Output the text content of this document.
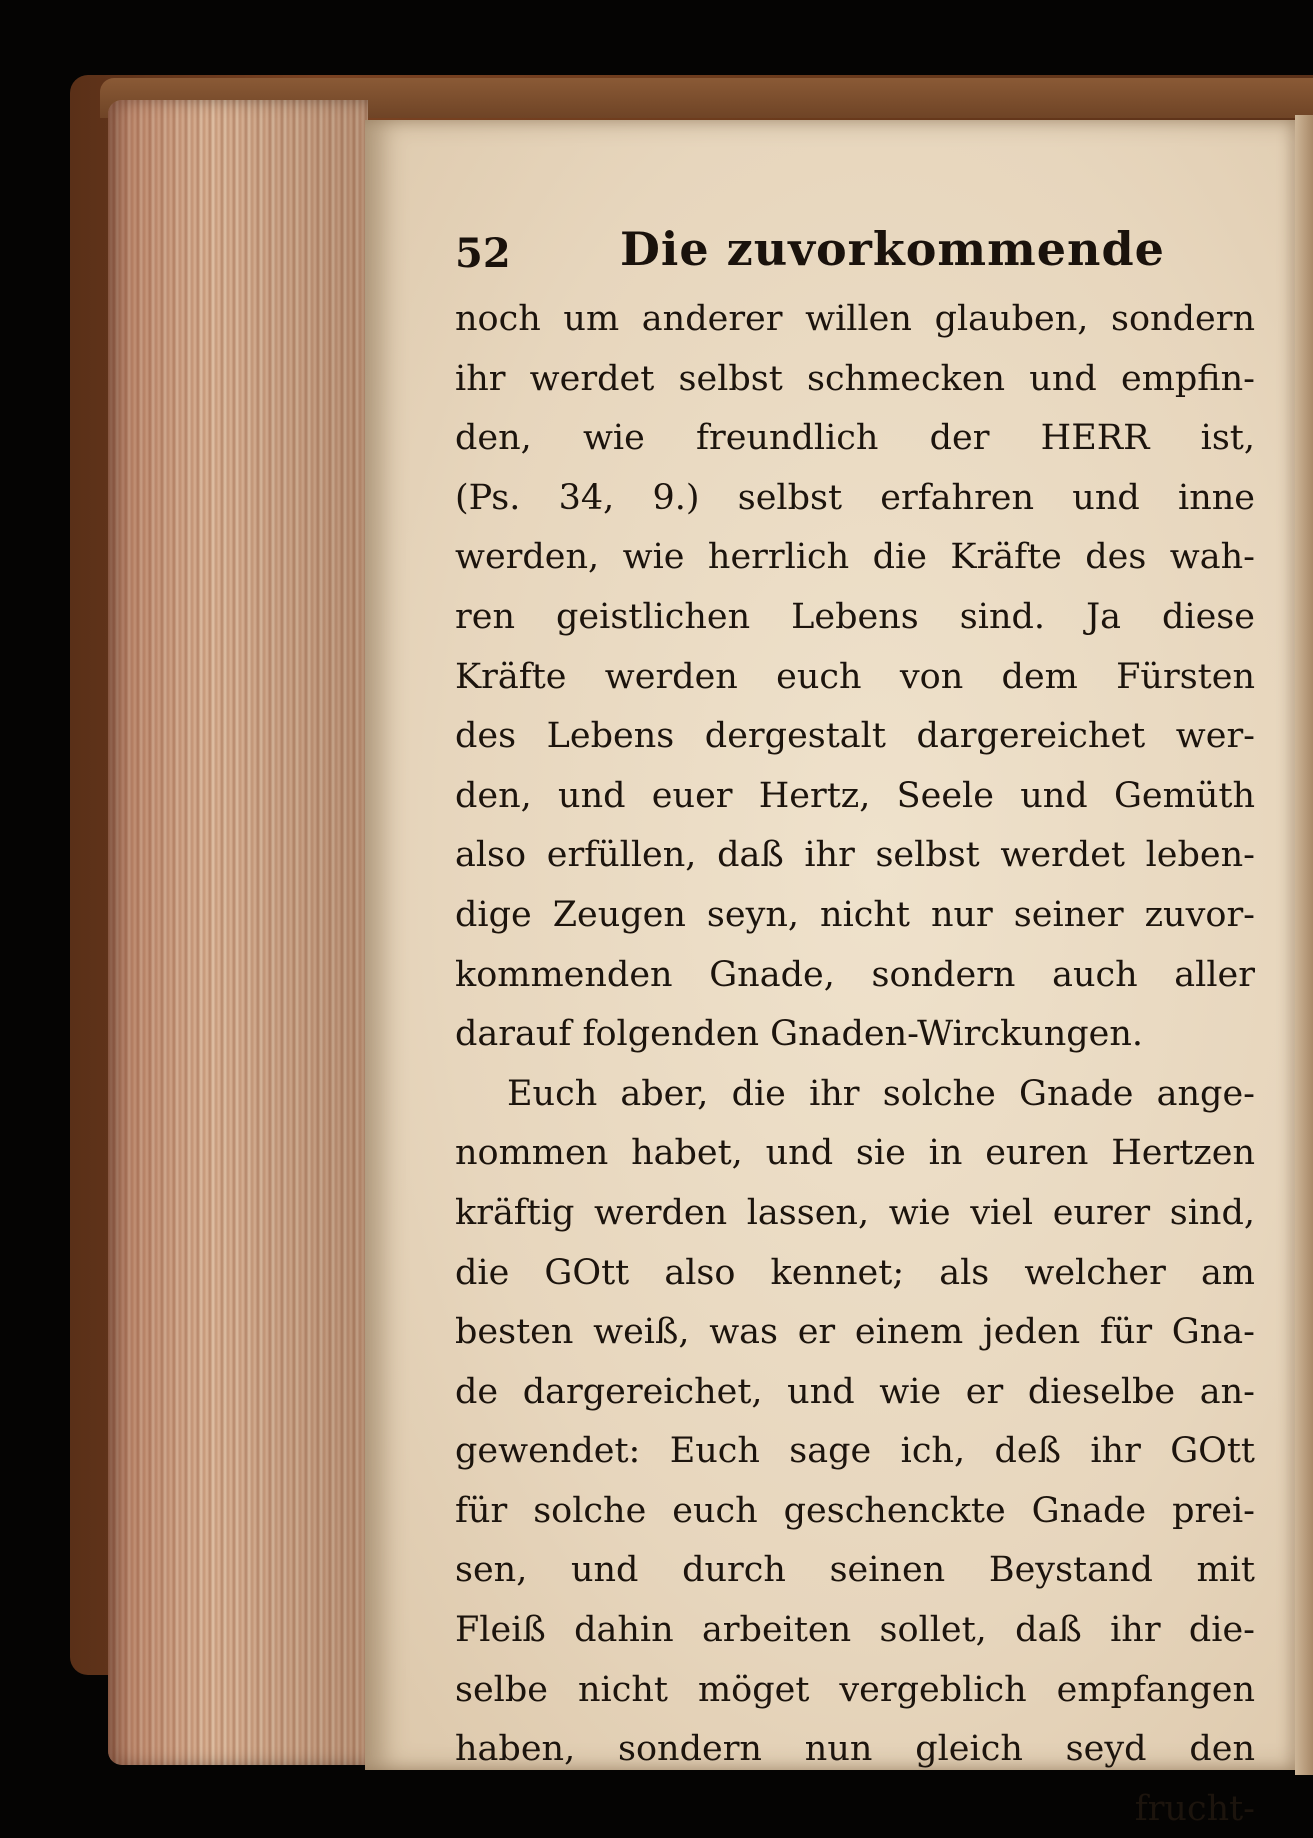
52 Die zuvorkommende
noch um anderer willen glauben, sondern
ihr werdet selbst schmecken und empfin-
den, wie freundlich der HERR ist,
(Ps. 34, 9.) selbst erfahren und inne
werden, wie herrlich die Kräfte des wah-
ren geistlichen Lebens sind. Ja diese
Kräfte werden euch von dem Fürsten
des Lebens dergestalt dargereichet wer-
den, und euer Hertz, Seele und Gemüth
also erfüllen, daß ihr selbst werdet leben-
dige Zeugen seyn, nicht nur seiner zuvor-
kommenden Gnade, sondern auch aller
darauf folgenden Gnaden-Wirckungen.
Euch aber, die ihr solche Gnade ange-
nommen habet, und sie in euren Hertzen
kräftig werden lassen, wie viel eurer sind,
die GOtt also kennet; als welcher am
besten weiß, was er einem jeden für Gna-
de dargereichet, und wie er dieselbe an-
gewendet: Euch sage ich, deß ihr GOtt
für solche euch geschenckte Gnade prei-
sen, und durch seinen Beystand mit
Fleiß dahin arbeiten sollet, daß ihr die-
selbe nicht möget vergeblich empfangen
haben, sondern nun gleich seyd den
frucht-
